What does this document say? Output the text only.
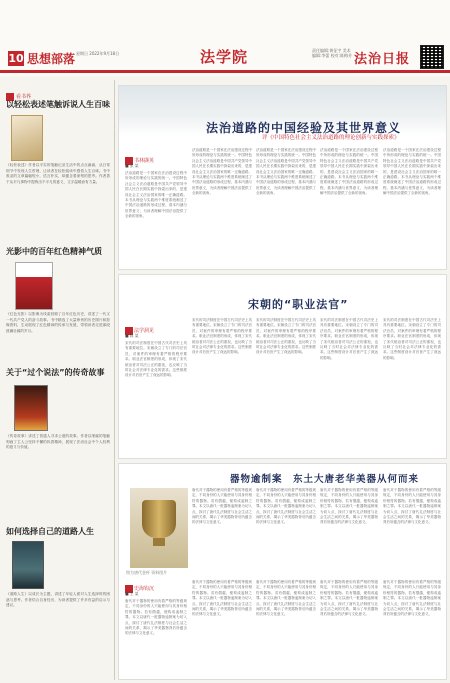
10 思想部落 星期日 2022年9月18日	法学院	责任编辑:黄征宇 美术编辑:李蕾 校对:陈梅芳 法治日报
看书界
以轻松表述笔触诉说人生百味
《轻松表述》作者以平实的笔触记录生活中的点点滴滴，从日常细节中发现人生哲理，让读者在轻松阅读中感悟人生百味。书中收录的文章篇幅短小，语言朴实，却蕴含着深刻的思考。作者善于从平凡事物中提炼出不平凡的意义，文字温暖而有力量。
光影中的百年红色精神气质
《红色光影》以影像为线索回顾了百年红色历史，讲述了一代又一代共产党人的奋斗故事。书中精选了大量珍贵的历史图片和影像资料，生动展现了红色精神的传承与发展，带领读者走进那段波澜壮阔的岁月。
关于“过个说法”的传奇故事
《传奇故事》讲述了普通人寻求公道的故事。作者以细腻的笔触刻画了主人公坚持不懈的执着精神，展现了法治社会中个人权利的意义与价值。
如何选择自己的道路人生
《道路人生》以成长为主题，讲述了年轻人面对人生选择时的困惑与思考。作者结合自身经历，为读者提供了许多有益的启示与建议。
法治道路的中国经验及其世界意义
评《中国特色社会主义法治道路的理论创新与实践探索》
书林撷英
■ 张 某
法治道路是一个国家在法治建设过程中所形成的理论与实践的统一。中国特色社会主义法治道路是中国共产党领导中国人民在长期实践中探索出来的，是建设社会主义法治国家的唯一正确道路。本书从理论与实践两个维度系统阐述了中国法治道路的形成过程、基本内涵与世界意义，为读者理解中国法治提供了全新的视角。
法治道路是一个国家在法治建设过程中所形成的理论与实践的统一。中国特色社会主义法治道路是中国共产党领导中国人民在长期实践中探索出来的，是建设社会主义法治国家的唯一正确道路。本书从理论与实践两个维度系统阐述了中国法治道路的形成过程、基本内涵与世界意义，为读者理解中国法治提供了全新的视角。
法治道路是一个国家在法治建设过程中所形成的理论与实践的统一。中国特色社会主义法治道路是中国共产党领导中国人民在长期实践中探索出来的，是建设社会主义法治国家的唯一正确道路。本书从理论与实践两个维度系统阐述了中国法治道路的形成过程、基本内涵与世界意义，为读者理解中国法治提供了全新的视角。
法治道路是一个国家在法治建设过程中所形成的理论与实践的统一。中国特色社会主义法治道路是中国共产党领导中国人民在长期实践中探索出来的，是建设社会主义法治国家的唯一正确道路。本书从理论与实践两个维度系统阐述了中国法治道路的形成过程、基本内涵与世界意义，为读者理解中国法治提供了全新的视角。
法治道路是一个国家在法治建设过程中所形成的理论与实践的统一。中国特色社会主义法治道路是中国共产党领导中国人民在长期实践中探索出来的，是建设社会主义法治国家的唯一正确道路。本书从理论与实践两个维度系统阐述了中国法治道路的形成过程、基本内涵与世界意义，为读者理解中国法治提供了全新的视角。
宋朝的“职业法官”
法学洞见
■ 陈 某
宋代的司法制度在中国古代司法史上具有重要地位。宋朝设立了专门的司法官员，对案件的审理有着严格的程序要求。职业法官制度的形成，体现了宋代统治者对司法公正的重视，也反映了当时社会对法律专业化的需求。这些制度设计对后世产生了深远的影响。
宋代的司法制度在中国古代司法史上具有重要地位。宋朝设立了专门的司法官员，对案件的审理有着严格的程序要求。职业法官制度的形成，体现了宋代统治者对司法公正的重视，也反映了当时社会对法律专业化的需求。这些制度设计对后世产生了深远的影响。
宋代的司法制度在中国古代司法史上具有重要地位。宋朝设立了专门的司法官员，对案件的审理有着严格的程序要求。职业法官制度的形成，体现了宋代统治者对司法公正的重视，也反映了当时社会对法律专业化的需求。这些制度设计对后世产生了深远的影响。
宋代的司法制度在中国古代司法史上具有重要地位。宋朝设立了专门的司法官员，对案件的审理有着严格的程序要求。职业法官制度的形成，体现了宋代统治者对司法公正的重视，也反映了当时社会对法律专业化的需求。这些制度设计对后世产生了深远的影响。
宋代的司法制度在中国古代司法史上具有重要地位。宋朝设立了专门的司法官员，对案件的审理有着严格的程序要求。职业法官制度的形成，体现了宋代统治者对司法公正的重视，也反映了当时社会对法律专业化的需求。这些制度设计对后世产生了深远的影响。
器物逾制案　东土大唐老华美器从何而来
图为唐代金杯 资料图片
史海钩沉
■ 王 某
唐代对于器物的使用有着严格的等级规定，不同身份的人只能使用与其身份相符的器物。若有僭越，便构成逾制之罪。本文以唐代一桩器物逾制案为切入点，探讨了唐代礼法制度与社会生活之间的关系，揭示了华美器物背后所蕴含的法律与文化意义。
唐代对于器物的使用有着严格的等级规定，不同身份的人只能使用与其身份相符的器物。若有僭越，便构成逾制之罪。本文以唐代一桩器物逾制案为切入点，探讨了唐代礼法制度与社会生活之间的关系，揭示了华美器物背后所蕴含的法律与文化意义。
唐代对于器物的使用有着严格的等级规定，不同身份的人只能使用与其身份相符的器物。若有僭越，便构成逾制之罪。本文以唐代一桩器物逾制案为切入点，探讨了唐代礼法制度与社会生活之间的关系，揭示了华美器物背后所蕴含的法律与文化意义。
唐代对于器物的使用有着严格的等级规定，不同身份的人只能使用与其身份相符的器物。若有僭越，便构成逾制之罪。本文以唐代一桩器物逾制案为切入点，探讨了唐代礼法制度与社会生活之间的关系，揭示了华美器物背后所蕴含的法律与文化意义。
唐代对于器物的使用有着严格的等级规定，不同身份的人只能使用与其身份相符的器物。若有僭越，便构成逾制之罪。本文以唐代一桩器物逾制案为切入点，探讨了唐代礼法制度与社会生活之间的关系，揭示了华美器物背后所蕴含的法律与文化意义。
唐代对于器物的使用有着严格的等级规定，不同身份的人只能使用与其身份相符的器物。若有僭越，便构成逾制之罪。本文以唐代一桩器物逾制案为切入点，探讨了唐代礼法制度与社会生活之间的关系，揭示了华美器物背后所蕴含的法律与文化意义。
唐代对于器物的使用有着严格的等级规定，不同身份的人只能使用与其身份相符的器物。若有僭越，便构成逾制之罪。本文以唐代一桩器物逾制案为切入点，探讨了唐代礼法制度与社会生活之间的关系，揭示了华美器物背后所蕴含的法律与文化意义。
唐代对于器物的使用有着严格的等级规定，不同身份的人只能使用与其身份相符的器物。若有僭越，便构成逾制之罪。本文以唐代一桩器物逾制案为切入点，探讨了唐代礼法制度与社会生活之间的关系，揭示了华美器物背后所蕴含的法律与文化意义。
唐代对于器物的使用有着严格的等级规定，不同身份的人只能使用与其身份相符的器物。若有僭越，便构成逾制之罪。本文以唐代一桩器物逾制案为切入点，探讨了唐代礼法制度与社会生活之间的关系，揭示了华美器物背后所蕴含的法律与文化意义。
